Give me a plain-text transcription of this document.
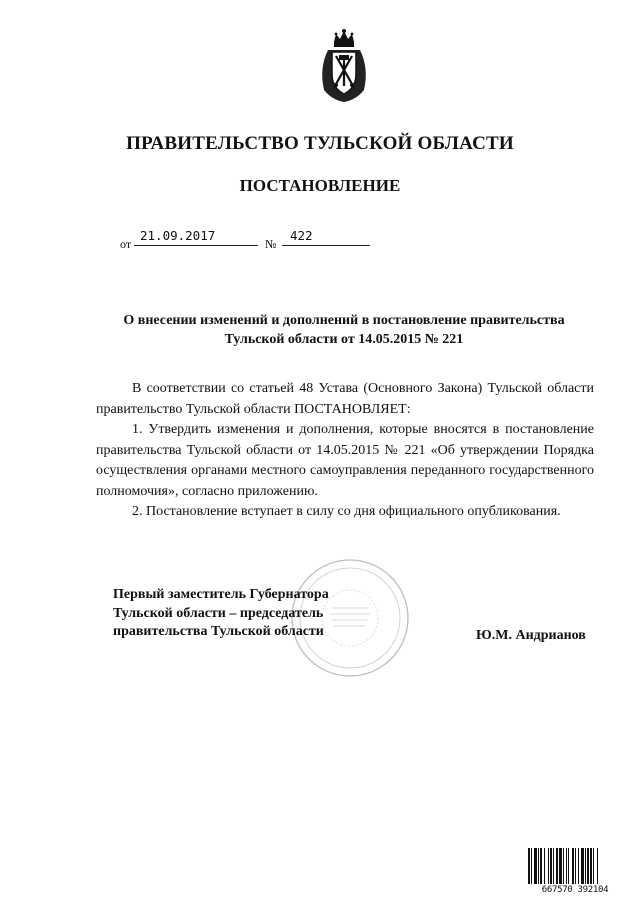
ПРАВИТЕЛЬСТВО ТУЛЬСКОЙ ОБЛАСТИ
ПОСТАНОВЛЕНИЕ
от
21.09.2017
№
422
О внесении изменений и дополнений в постановление правительства
Тульской области от 14.05.2015 № 221

В соответствии со статьей 48 Устава (Основного Закона) Тульской области правительство Тульской области ПОСТАНОВЛЯЕТ:

1. Утвердить изменения и дополнения, которые вносятся в постановление правительства Тульской области от 14.05.2015 № 221 «Об утверждении Порядка осуществления органами местного самоуправления переданного государственного полномочия», согласно приложению.

2. Постановление вступает в силу со дня официального опубликования.

Первый заместитель Губернатора
Тульской области – председатель
правительства Тульской области	Ю.М. Андрианов
667570 392104
